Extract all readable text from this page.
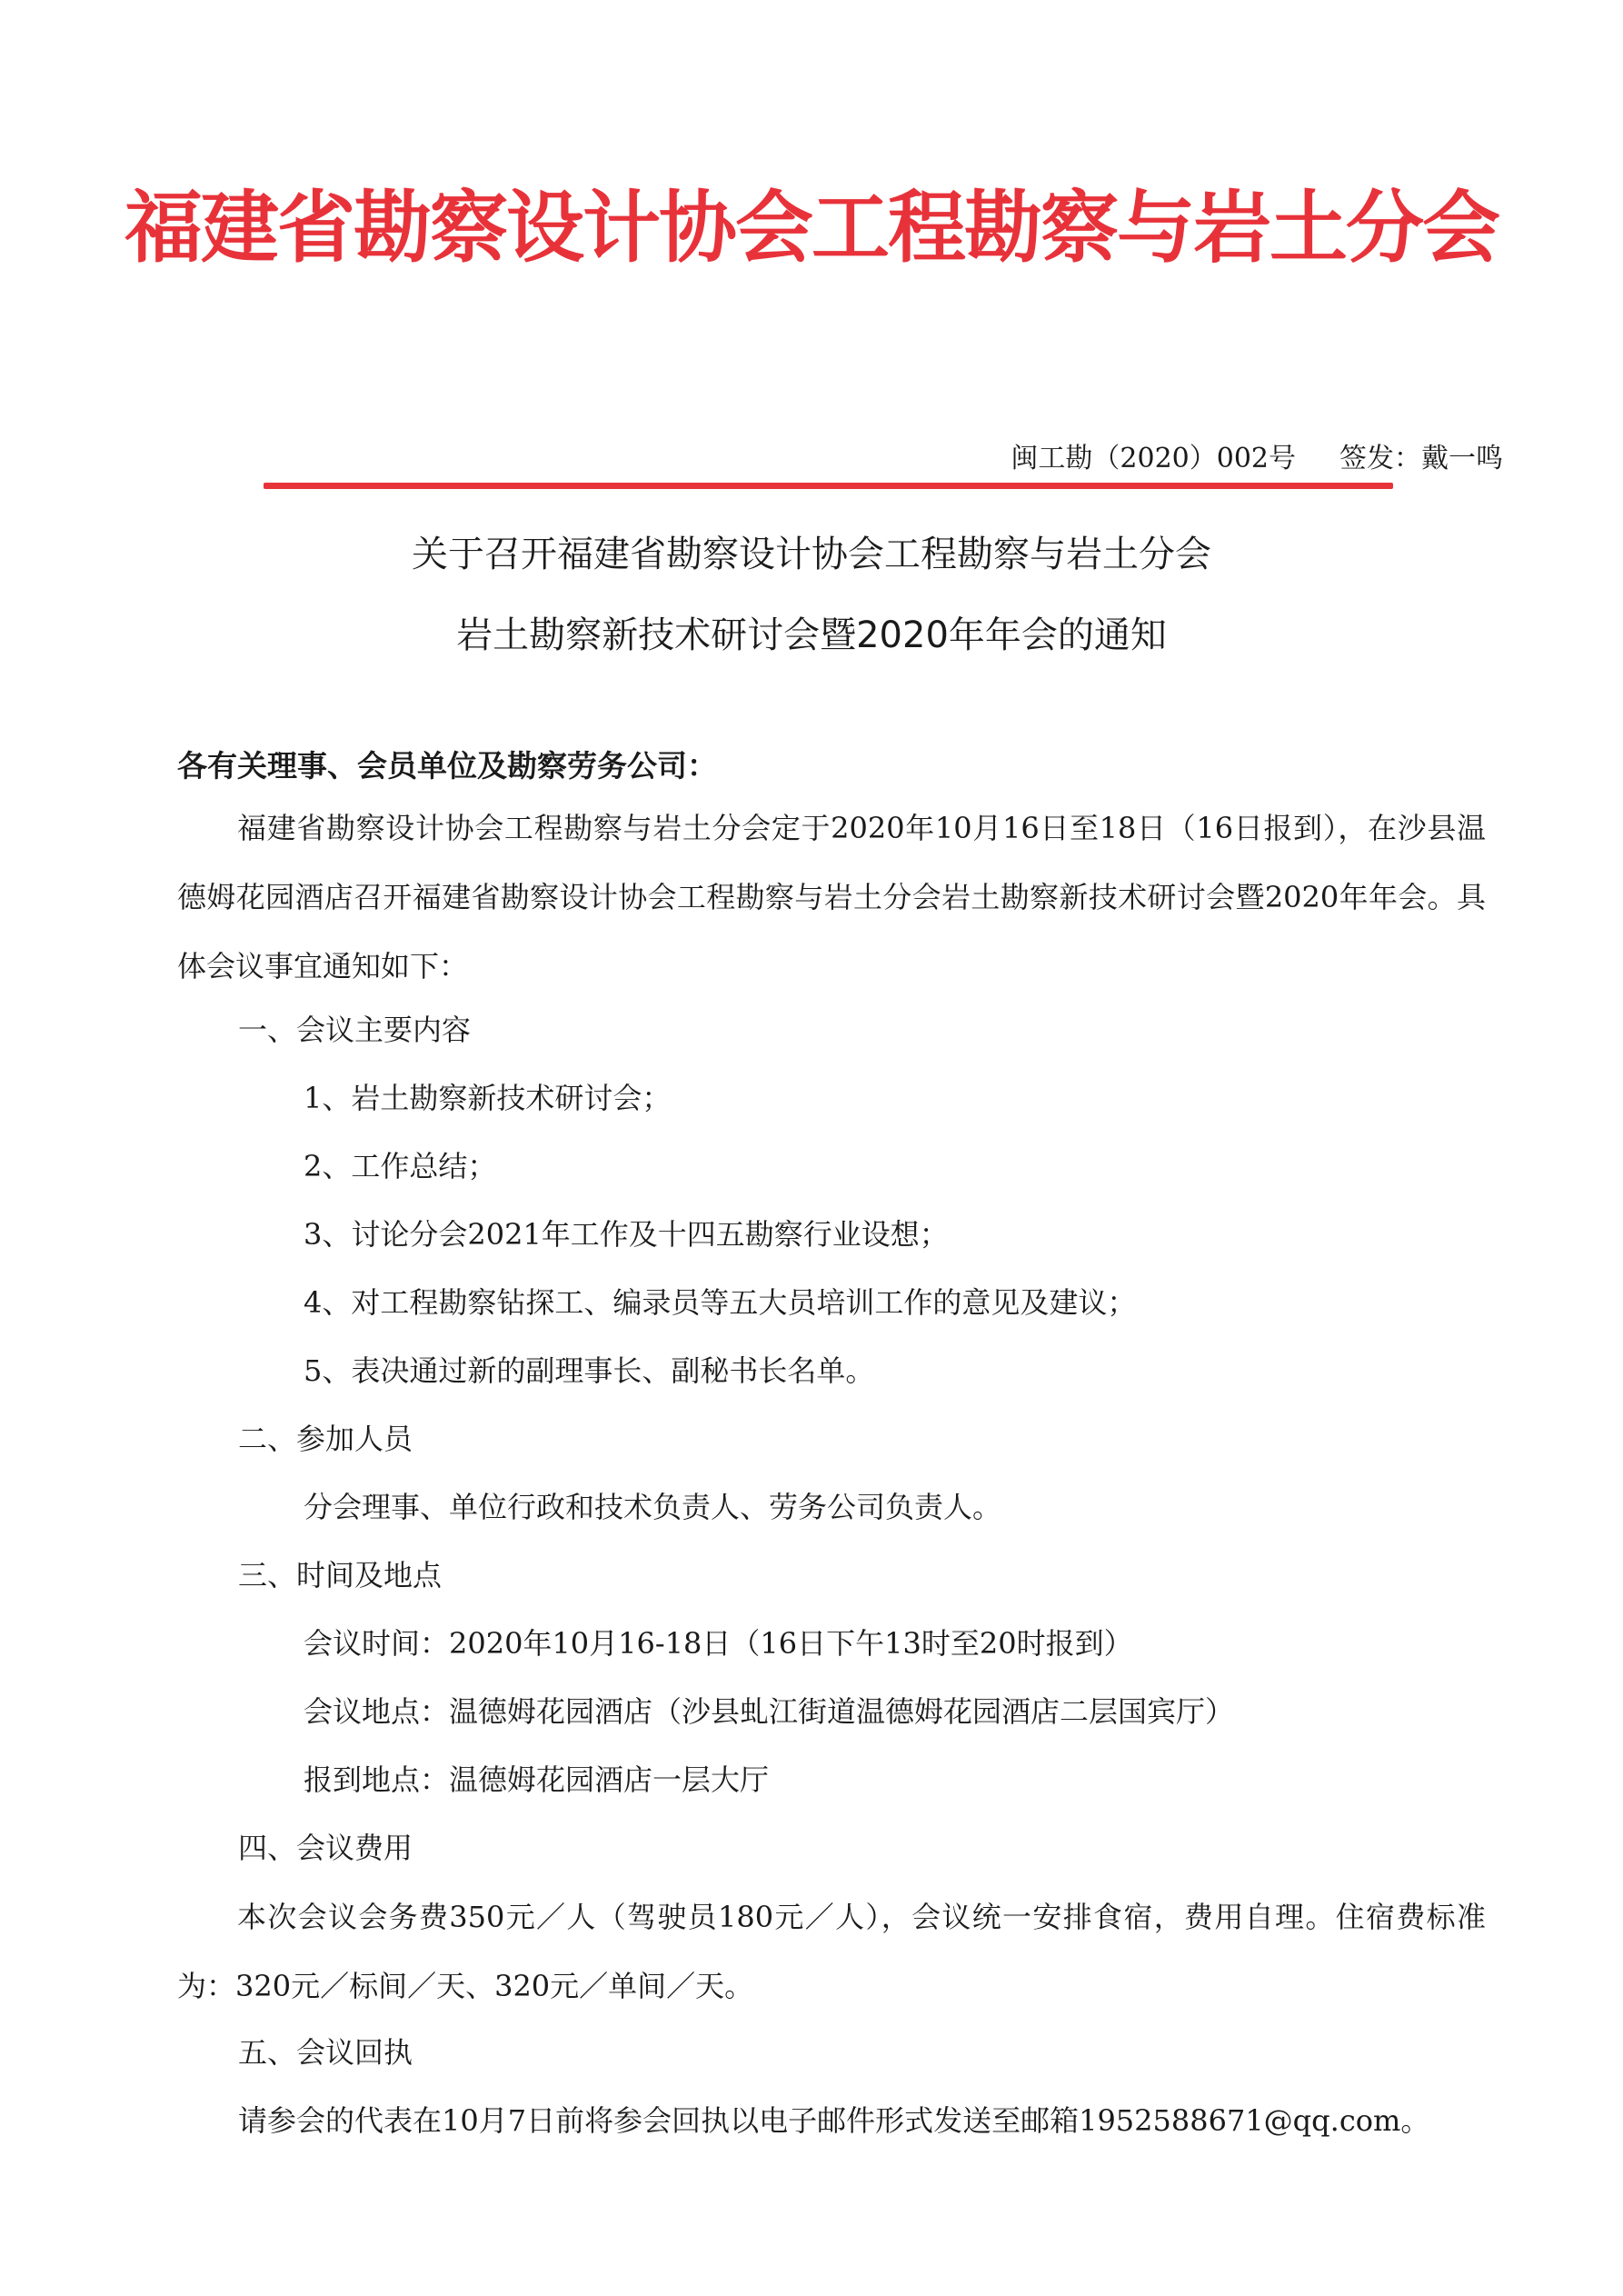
福建省勘察设计协会工程勘察与岩土分会
闽工勘（2020）002号 签发：戴一鸣
关于召开福建省勘察设计协会工程勘察与岩土分会
岩土勘察新技术研讨会暨2020年年会的通知
各有关理事、会员单位及勘察劳务公司：
福建省勘察设计协会工程勘察与岩土分会定于2020年10月16日至18日（16日报到），在沙县温德姆花园酒店召开福建省勘察设计协会工程勘察与岩土分会岩土勘察新技术研讨会暨2020年年会。具体会议事宜通知如下：
一、会议主要内容
1、岩土勘察新技术研讨会；
2、工作总结；
3、讨论分会2021年工作及十四五勘察行业设想；
4、对工程勘察钻探工、编录员等五大员培训工作的意见及建议；
5、表决通过新的副理事长、副秘书长名单。
二、参加人员
分会理事、单位行政和技术负责人、劳务公司负责人。
三、时间及地点
会议时间：2020年10月16-18日（16日下午13时至20时报到）
会议地点：温德姆花园酒店（沙县虬江街道温德姆花园酒店二层国宾厅）
报到地点：温德姆花园酒店一层大厅
四、会议费用
本次会议会务费350元／人（驾驶员180元／人），会议统一安排食宿，费用自理。住宿费标准为：320元／标间／天、320元／单间／天。
五、会议回执
请参会的代表在10月7日前将参会回执以电子邮件形式发送至邮箱1952588671@qq.com。
